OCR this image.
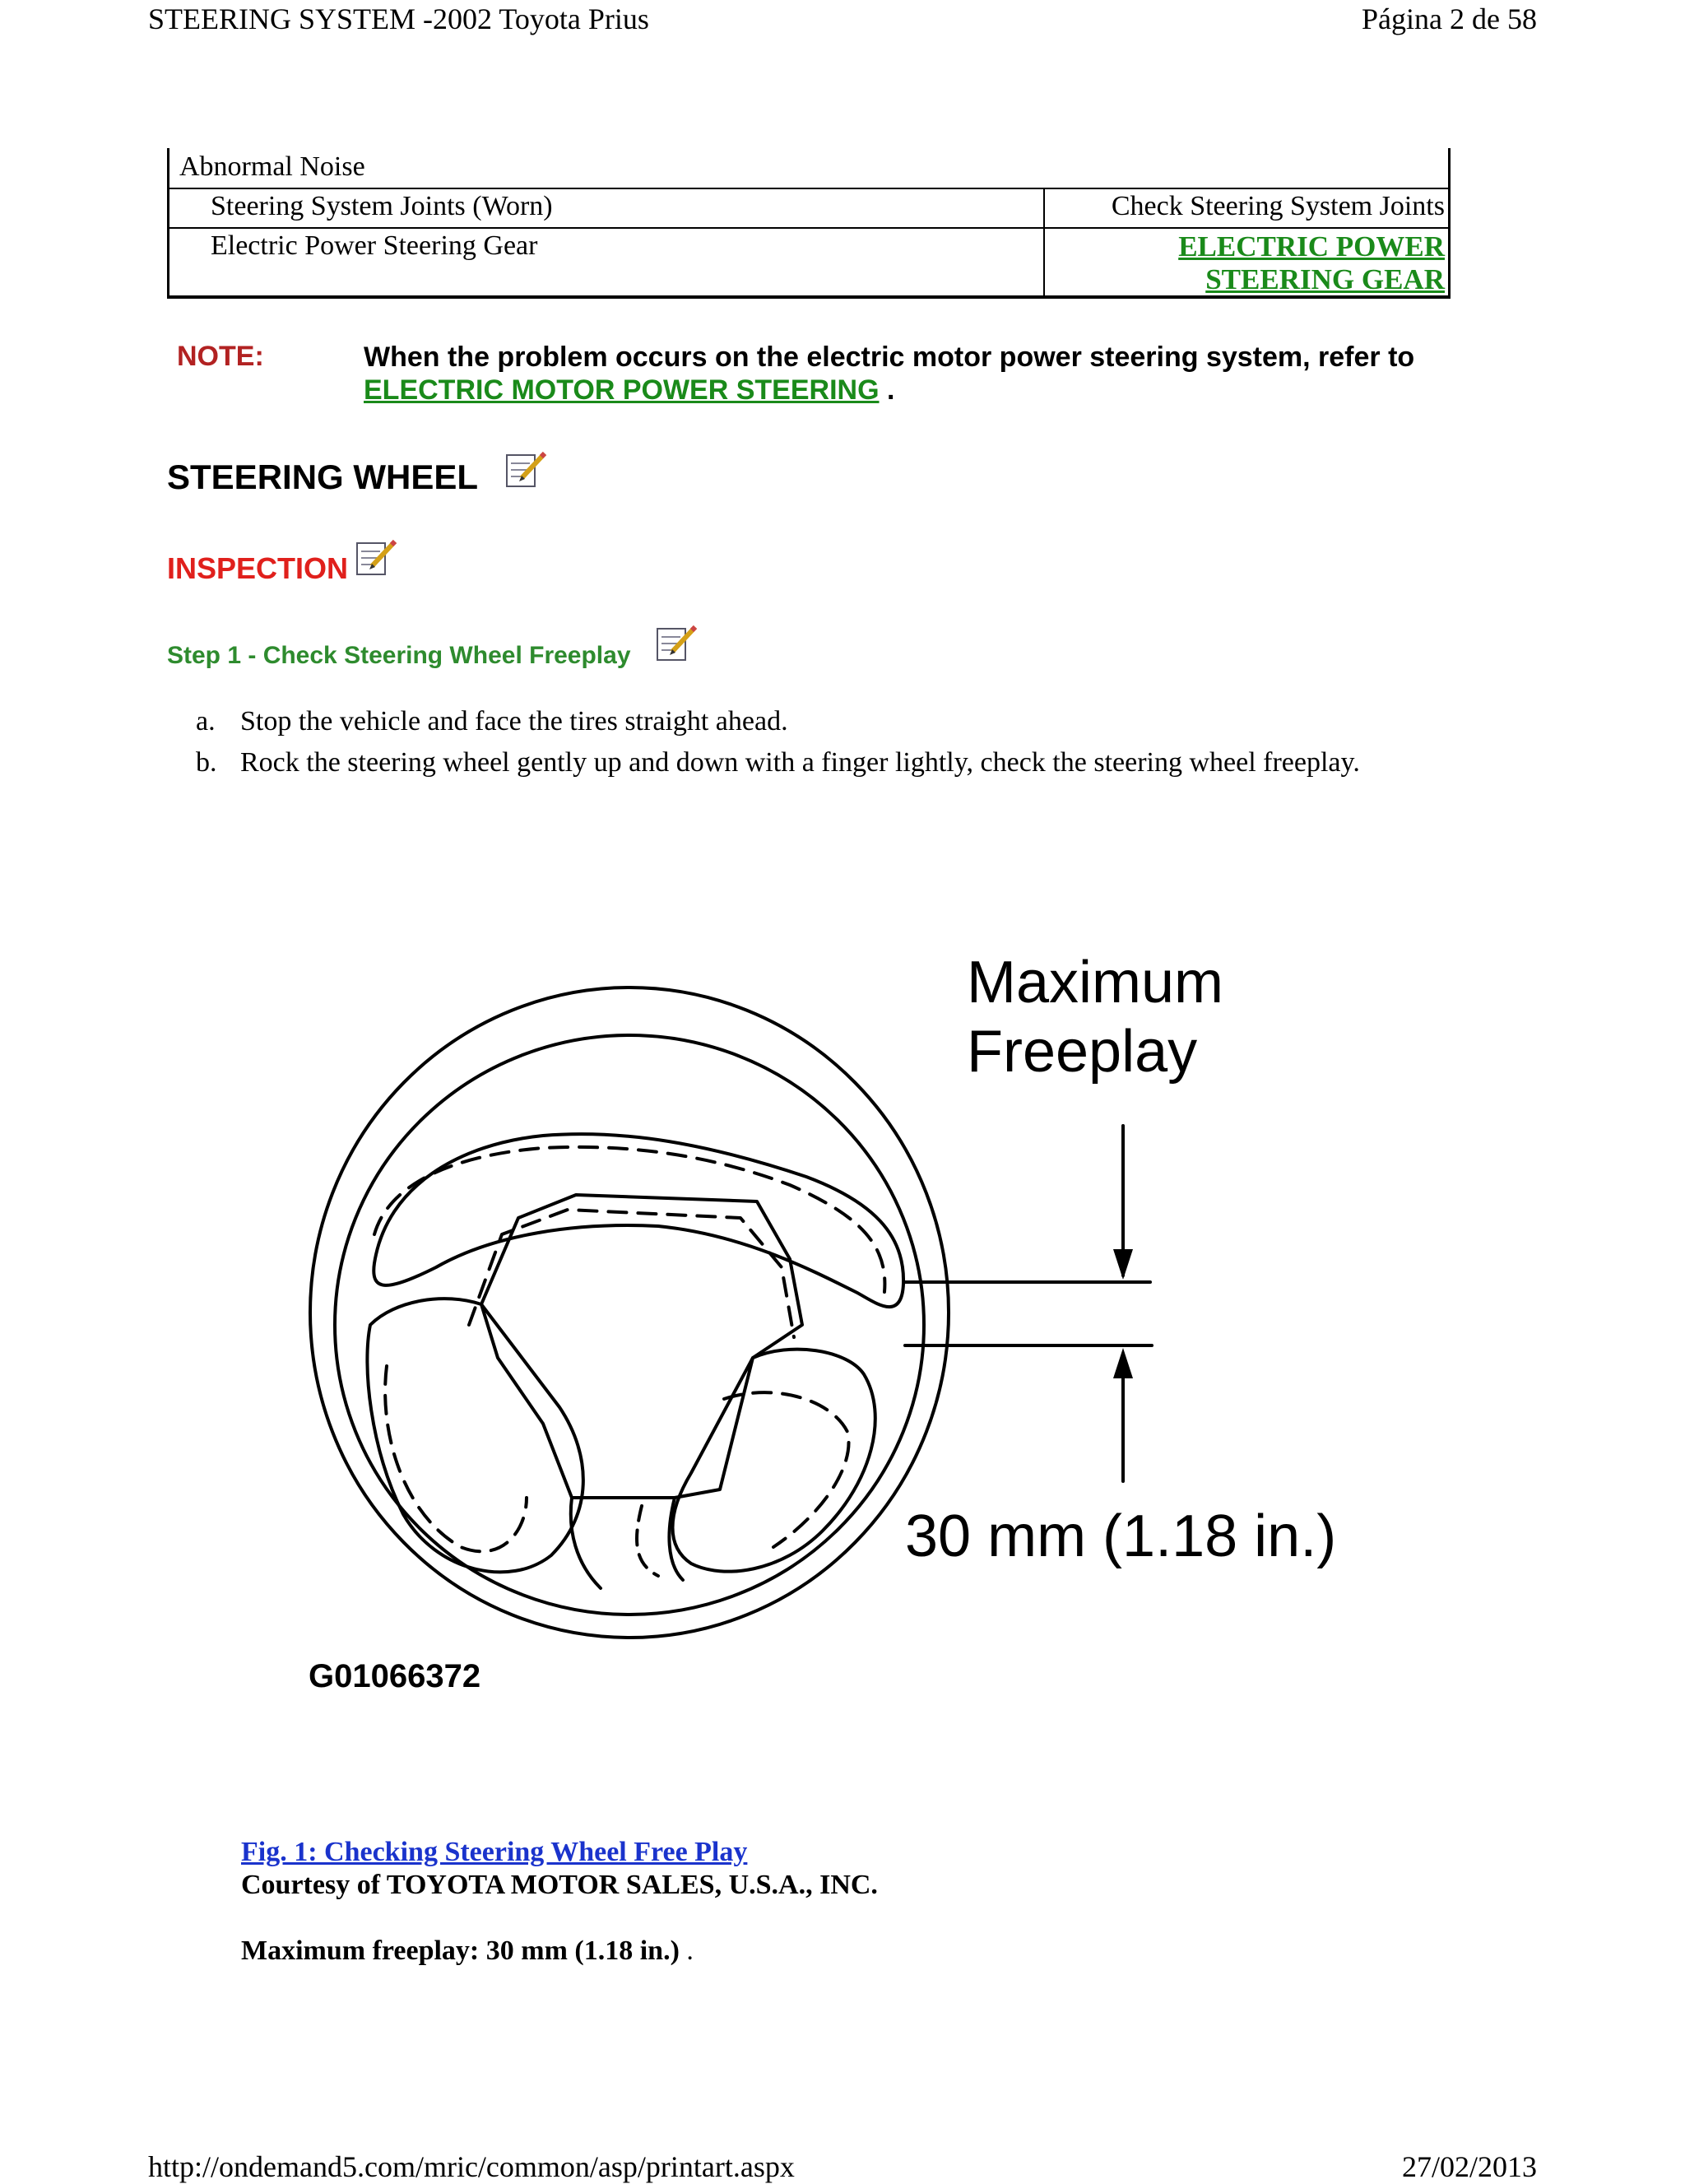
STEERING SYSTEM -2002 Toyota Prius	Página 2 de 58
Abnormal Noise
Steering System Joints (Worn)	Check Steering System Joints
Electric Power Steering Gear	ELECTRIC POWER
STEERING GEAR
NOTE:	When the problem occurs on the electric motor power steering system, refer to
ELECTRIC MOTOR POWER STEERING .
STEERING WHEEL
INSPECTION
Step 1 - Check Steering Wheel Freeplay
a. Stop the vehicle and face the tires straight ahead.
b. Rock the steering wheel gently up and down with a finger lightly, check the steering wheel freeplay.
Maximum
Freeplay
30 mm (1.18 in.)
G01066372
Fig. 1: Checking Steering Wheel Free Play
Courtesy of TOYOTA MOTOR SALES, U.S.A., INC.
Maximum freeplay: 30 mm (1.18 in.) .
http://ondemand5.com/mric/common/asp/printart.aspx	27/02/2013
